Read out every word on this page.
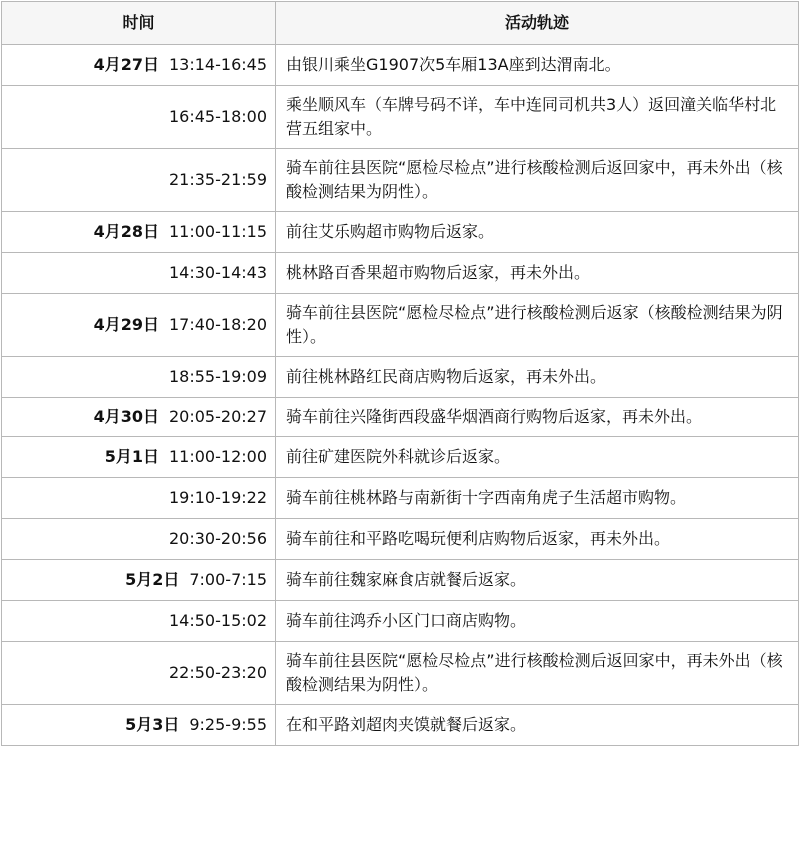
时间	活动轨迹

4月27日 13:14-16:45	由银川乘坐G1907次5车厢13A座到达渭南北。

16:45-18:00	乘坐顺风车（车牌号码不详，车中连同司机共3人）返回潼关临华村北营五组家中。

21:35-21:59	骑车前往县医院“愿检尽检点”进行核酸检测后返回家中，再未外出（核酸检测结果为阴性）。

4月28日 11:00-11:15	前往艾乐购超市购物后返家。

14:30-14:43	桃林路百香果超市购物后返家，再未外出。

4月29日 17:40-18:20	骑车前往县医院“愿检尽检点”进行核酸检测后返家（核酸检测结果为阴性）。

18:55-19:09	前往桃林路红民商店购物后返家，再未外出。

4月30日 20:05-20:27	骑车前往兴隆街西段盛华烟酒商行购物后返家，再未外出。

5月1日 11:00-12:00	前往矿建医院外科就诊后返家。

19:10-19:22	骑车前往桃林路与南新街十字西南角虎子生活超市购物。

20:30-20:56	骑车前往和平路吃喝玩便利店购物后返家，再未外出。

5月2日 7:00-7:15	骑车前往魏家麻食店就餐后返家。

14:50-15:02	骑车前往鸿乔小区门口商店购物。

22:50-23:20	骑车前往县医院“愿检尽检点”进行核酸检测后返回家中，再未外出（核酸检测结果为阴性）。

5月3日 9:25-9:55	在和平路刘超肉夹馍就餐后返家。
